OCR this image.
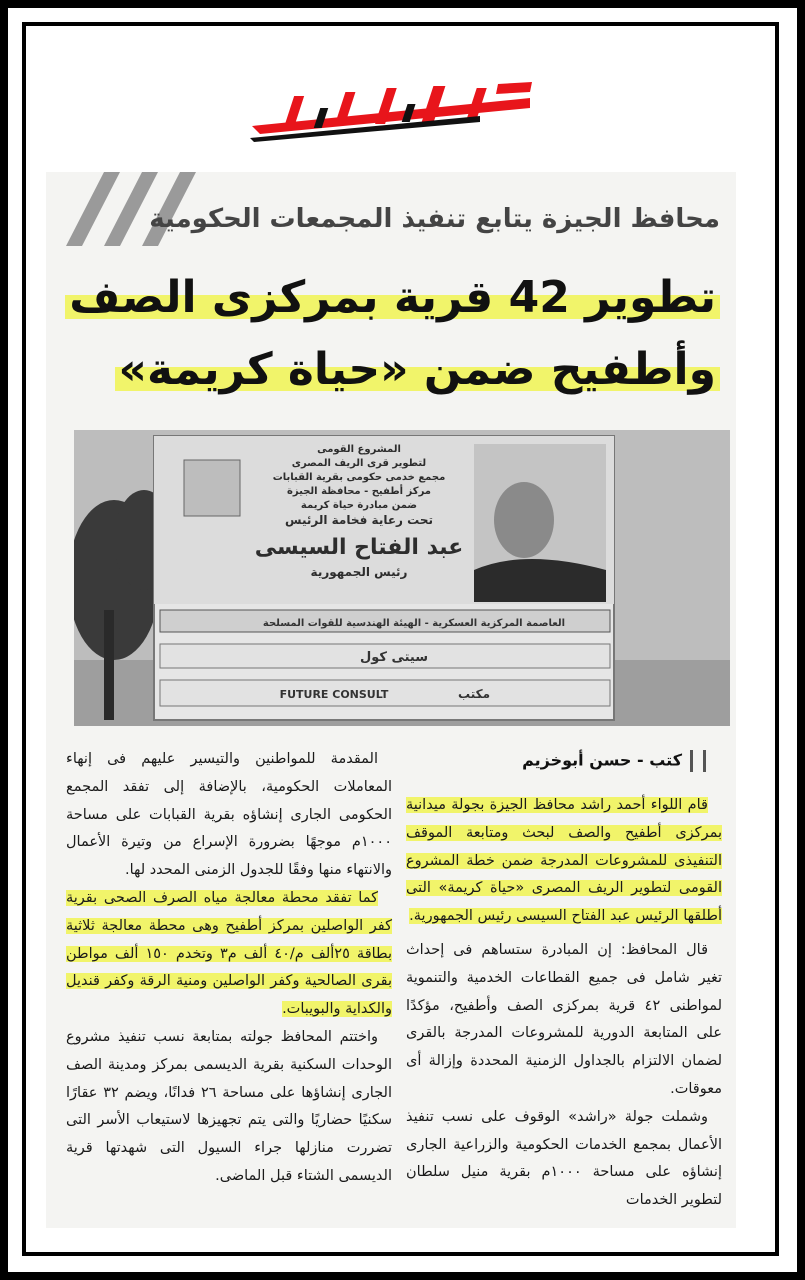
محافظ الجيزة يتابع تنفيذ المجمعات الحكومية
تطوير 42 قرية بمركزى الصف
وأطفيح ضمن «حياة كريمة»
المشروع القومى
لتطوير قرى الريف المصرى
مجمع خدمى حكومى بقرية القبابات
مركز أطفيح - محافظة الجيزة
ضمن مبادرة حياة كريمة
تحت رعاية فخامة الرئيس
عبد الفتاح السيسى
رئيس الجمهورية
العاصمة المركزية العسكرية - الهيئة الهندسية للقوات المسلحة
سيتى كول
FUTURE CONSULT	مكتب
كتب - حسن أبوخزيم

قام اللواء أحمد راشد محافظ الجيزة بجولة ميدانية بمركزى أطفيح والصف لبحث ومتابعة الموقف التنفيذى للمشروعات المدرجة ضمن خطة المشروع القومى لتطوير الريف المصرى «حياة كريمة» التى أطلقها الرئيس عبد الفتاح السيسى رئيس الجمهورية.

قال المحافظ: إن المبادرة ستساهم فى إحداث تغير شامل فى جميع القطاعات الخدمية والتنموية لمواطنى ٤٢ قرية بمركزى الصف وأطفيح، مؤكدًا على المتابعة الدورية للمشروعات المدرجة بالقرى لضمان الالتزام بالجداول الزمنية المحددة وإزالة أى معوقات.

وشملت جولة «راشد» الوقوف على نسب تنفيذ الأعمال بمجمع الخدمات الحكومية والزراعية الجارى إنشاؤه على مساحة ١٠٠٠م بقرية منيل سلطان لتطوير الخدمات

المقدمة للمواطنين والتيسير عليهم فى إنهاء المعاملات الحكومية، بالإضافة إلى تفقد المجمع الحكومى الجارى إنشاؤه بقرية القبابات على مساحة ١٠٠٠م موجهًا بضرورة الإسراع من وتيرة الأعمال والانتهاء منها وفقًا للجدول الزمنى المحدد لها.

كما تفقد محطة معالجة مياه الصرف الصحى بقرية كفر الواصلين بمركز أطفيح وهى محطة معالجة ثلاثية بطاقة ٢٥ألف م/٤٠ ألف م٣ وتخدم ١٥٠ ألف مواطن بقرى الصالحية وكفر الواصلين ومنية الرقة وكفر قنديل والكداية والبويبات.

واختتم المحافظ جولته بمتابعة نسب تنفيذ مشروع الوحدات السكنية بقرية الديسمى بمركز ومدينة الصف الجارى إنشاؤها على مساحة ٢٦ فدانًا، ويضم ٣٢ عقارًا سكنيًا حضاريًا والتى يتم تجهيزها لاستيعاب الأسر التى تضررت منازلها جراء السيول التى شهدتها قرية الديسمى الشتاء قبل الماضى.
